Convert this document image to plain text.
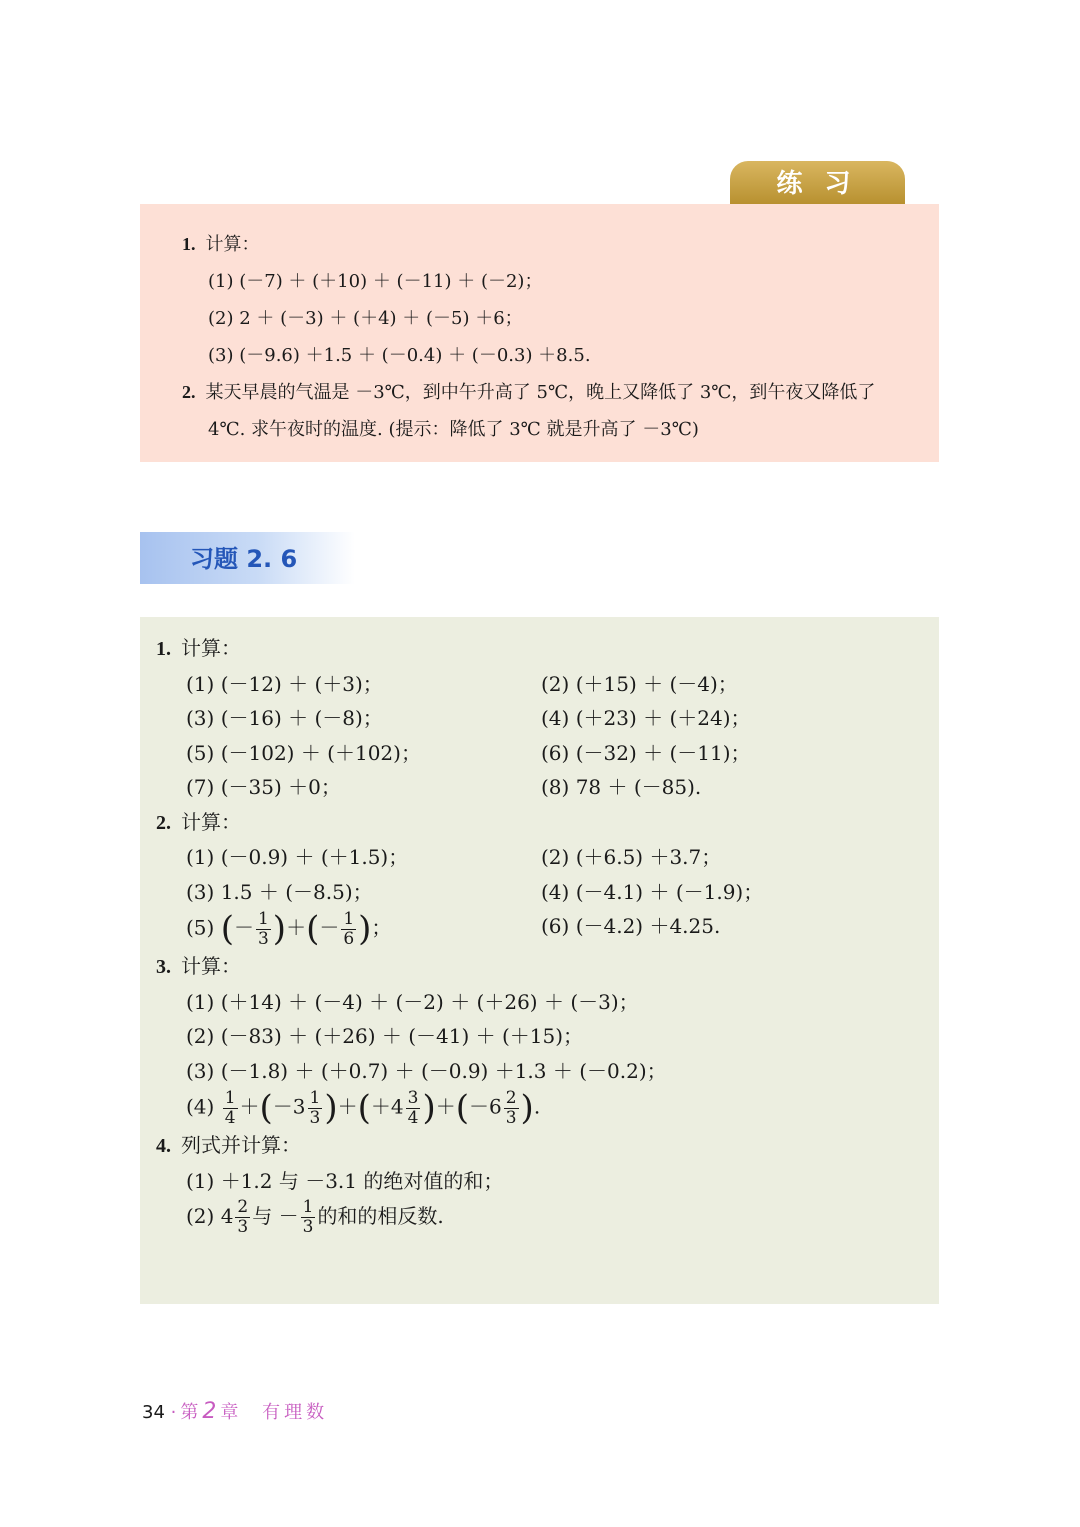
练习
1. 计算：
(1) (－7) ＋ (＋10) ＋ (－11) ＋ (－2)；
(2) 2 ＋ (－3) ＋ (＋4) ＋ (－5) ＋6；
(3) (－9.6) ＋1.5 ＋ (－0.4) ＋ (－0.3) ＋8.5.
2. 某天早晨的气温是 －3℃，到中午升高了 5℃，晚上又降低了 3℃，到午夜又降低了
4℃. 求午夜时的温度. (提示：降低了 3℃ 就是升高了 －3℃)
习题 2. 6
1. 计算：
(1) (－12) ＋ (＋3)；	(2) (＋15) ＋ (－4)；
(3) (－16) ＋ (－8)；	(4) (＋23) ＋ (＋24)；
(5) (－102) ＋ (＋102)；	(6) (－32) ＋ (－11)；
(7) (－35) ＋0；	(8) 78 ＋ (－85).
2. 计算：
(1) (－0.9) ＋ (＋1.5)；	(2) (＋6.5) ＋3.7；
(3) 1.5 ＋ (－8.5)；	(4) (－4.1) ＋ (－1.9)；
(5) (－ $\frac{1}{3}$ )＋(－ $\frac{1}{6}$ )；	(6) (－4.2) ＋4.25.
3. 计算：
(1) (＋14) ＋ (－4) ＋ (－2) ＋ (＋26) ＋ (－3)；
(2) (－83) ＋ (＋26) ＋ (－41) ＋ (＋15)；
(3) (－1.8) ＋ (＋0.7) ＋ (－0.9) ＋1.3 ＋ (－0.2)；
$(4) \frac{1}{4} +(-3 \frac{1}{3} )+(+4 \frac{3}{4} )+(-6 \frac{2}{3}$ ).
4. 列式并计算：
(1) ＋1.2 与 －3.1 的绝对值的和；
(2) $4 \frac{2}{3}$ 与 － $\frac{1}{3}$ 的和的相反数.
34 ·第2章 有理数
